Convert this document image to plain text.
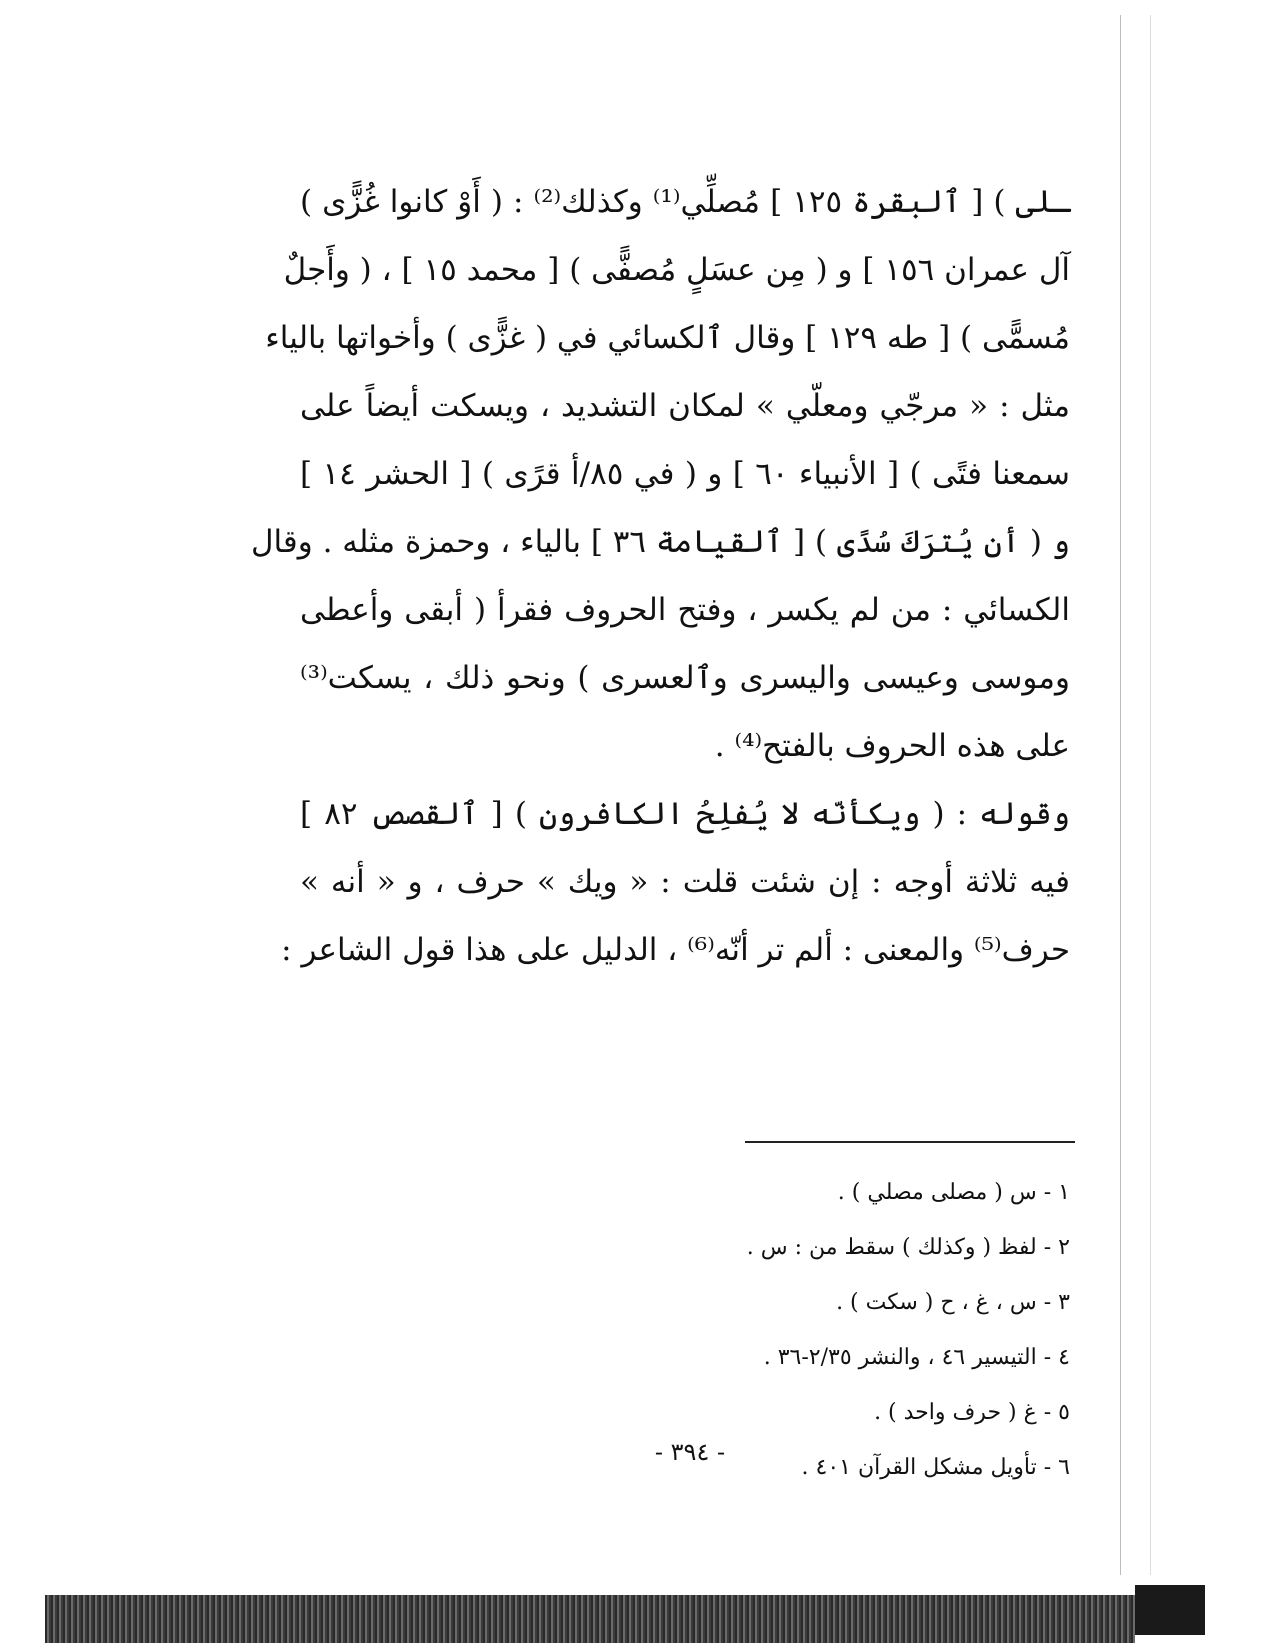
ـلى ) [ ٱلبقرة ١٢٥ ] مُصلِّي⁽¹⁾ وكذلك⁽²⁾ : ( أَوْ كانوا غُزًّى )
آل عمران ١٥٦ ] و ( مِن عسَلٍ مُصفًّى ) [ محمد ١٥ ] ، ( وأَجلٌ
مُسمًّى ) [ طه ١٢٩ ] وقال ٱلكسائي في ( غزًّى ) وأخواتها بالياء
مثل : « مرجّي ومعلّي » لمكان التشديد ، ويسكت أيضاً على
سمعنا فتًى ) [ الأنبياء ٦٠ ] و ( في ٨٥/أ قرًى ) [ الحشر ١٤ ]
و ( أن يُترَكَ سُدًى ) [ ٱلقيامة ٣٦ ] بالياء ، وحمزة مثله . وقال
الكسائي : من لم يكسر ، وفتح الحروف فقرأ ( أبقى وأعطى
وموسى وعيسى واليسرى وٱلعسرى ) ونحو ذلك ، يسكت⁽³⁾
على هذه الحروف بالفتح⁽⁴⁾ .
وقوله : ( ويكأنّه لا يُفلِحُ الكافرون ) [ ٱلقصص ٨٢ ]
فيه ثلاثة أوجه : إن شئت قلت : « ويك » حرف ، و « أنه »
حرف⁽⁵⁾ والمعنى : ألم تر أنّه⁽⁶⁾ ، الدليل على هذا قول الشاعر :
١ - س ( مصلى مصلي ) .
٢ - لفظ ( وكذلك ) سقط من : س .
٣ - س ، غ ، ح ( سكت ) .
٤ - التيسير ٤٦ ، والنشر ٢/٣٥-٣٦ .
٥ - غ ( حرف واحد ) .
٦ - تأويل مشكل القرآن ٤٠١ .
- ٣٩٤ -
